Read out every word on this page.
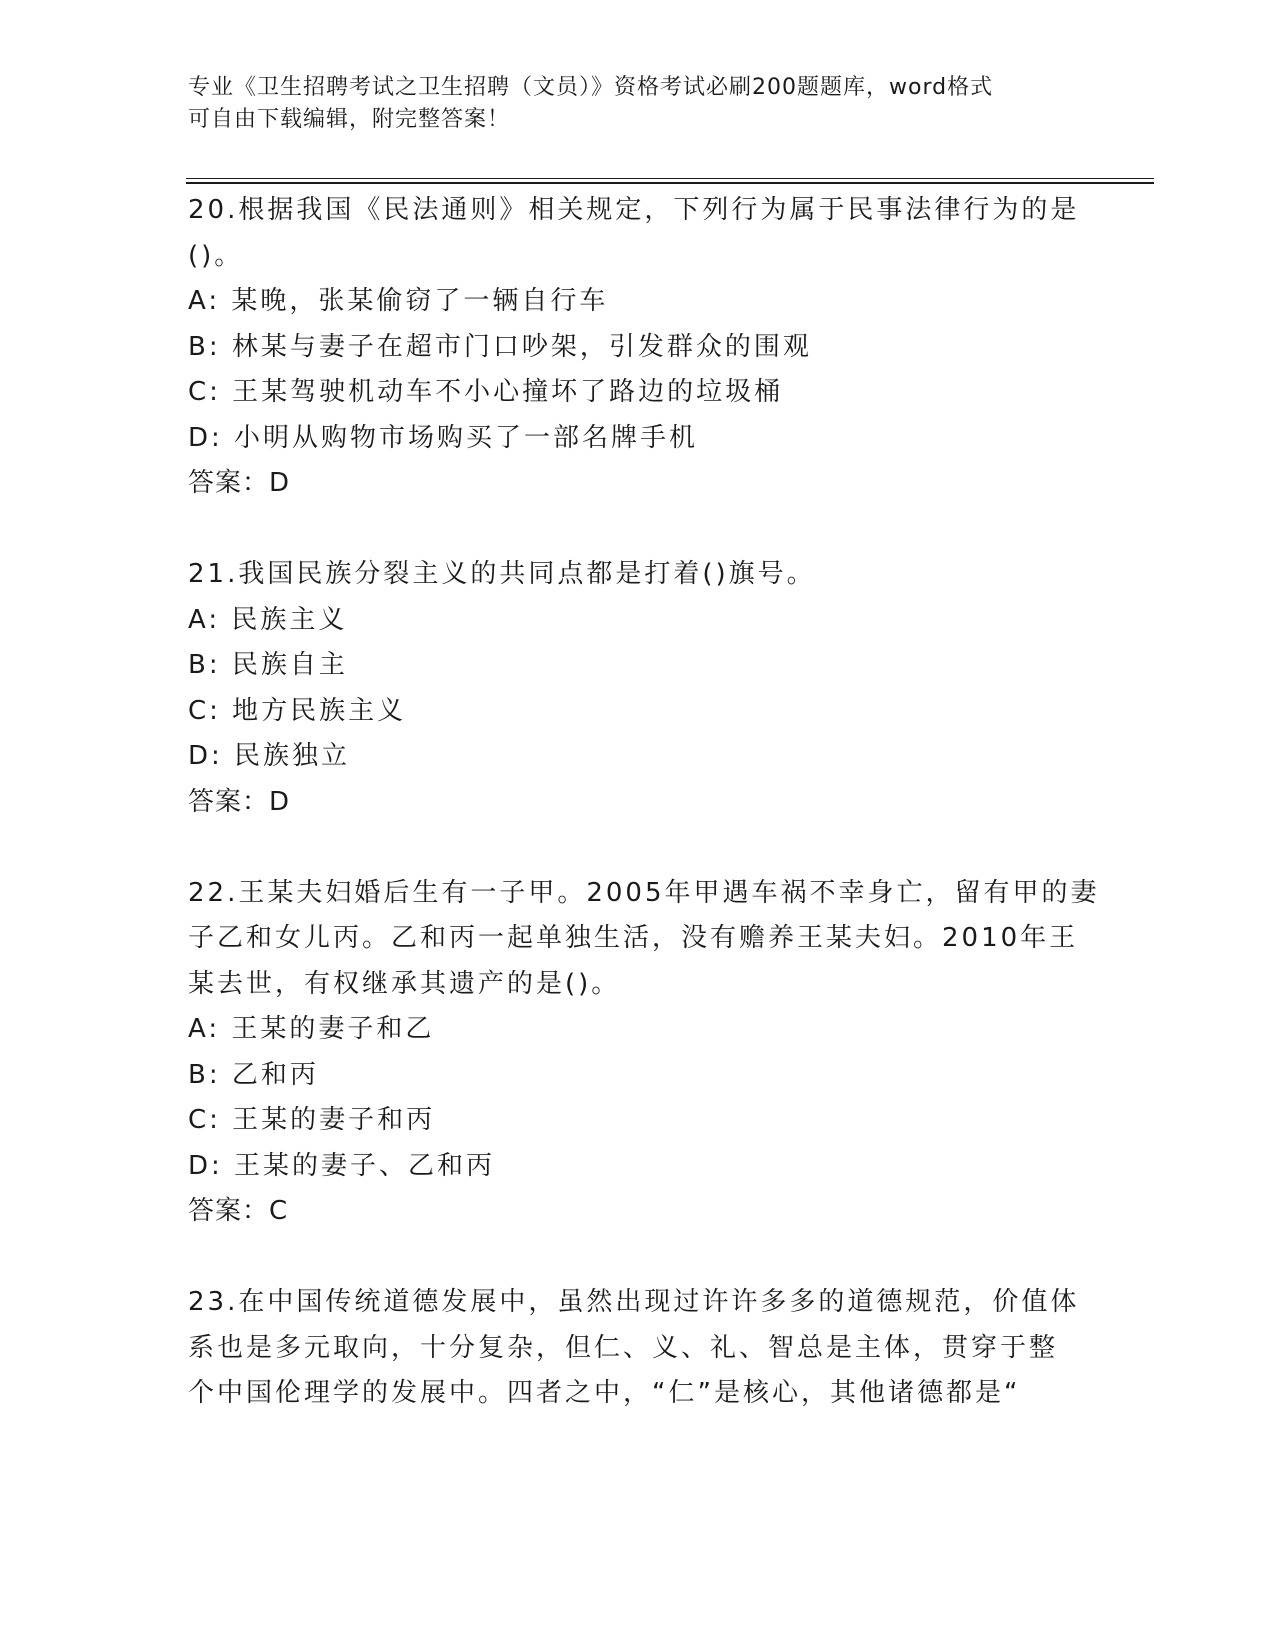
专业《卫生招聘考试之卫生招聘（文员）》资格考试必刷200题题库，word格式
可自由下载编辑，附完整答案！
20.根据我国《民法通则》相关规定，下列行为属于民事法律行为的是
()。
A: 某晚，张某偷窃了一辆自行车
B: 林某与妻子在超市门口吵架，引发群众的围观
C: 王某驾驶机动车不小心撞坏了路边的垃圾桶
D: 小明从购物市场购买了一部名牌手机
答案：D
21.我国民族分裂主义的共同点都是打着()旗号。
A: 民族主义
B: 民族自主
C: 地方民族主义
D: 民族独立
答案：D
22.王某夫妇婚后生有一子甲。2005年甲遇车祸不幸身亡，留有甲的妻
子乙和女儿丙。乙和丙一起单独生活，没有赡养王某夫妇。2010年王
某去世，有权继承其遗产的是()。
A: 王某的妻子和乙
B: 乙和丙
C: 王某的妻子和丙
D: 王某的妻子、乙和丙
答案：C
23.在中国传统道德发展中，虽然出现过许许多多的道德规范，价值体
系也是多元取向，十分复杂，但仁、义、礼、智总是主体，贯穿于整
个中国伦理学的发展中。四者之中，“仁”是核心，其他诸德都是“
